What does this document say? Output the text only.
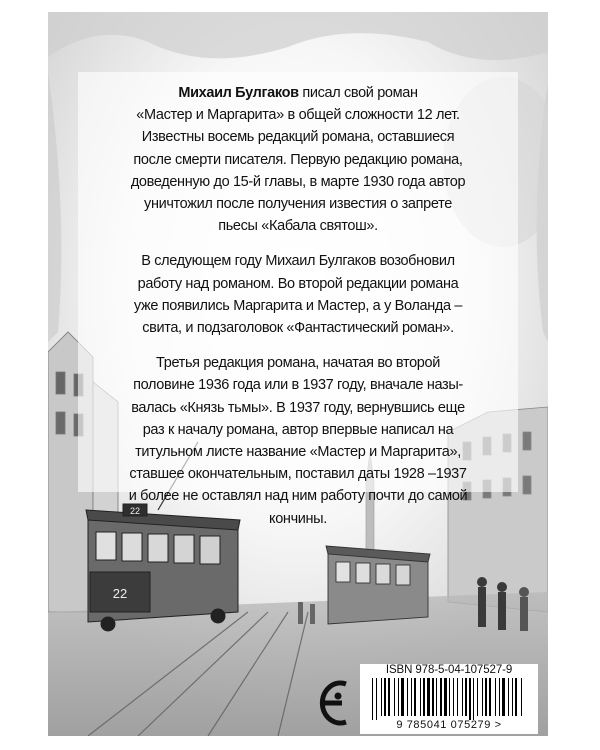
22
22

Михаил Булгаков писал свой роман
«Мастер и Маргарита» в общей сложности 12 лет.
Известны восемь редакций романа, оставшиеся
после смерти писателя. Первую редакцию романа,
доведенную до 15-й главы, в марте 1930 года автор
уничтожил после получения известия о запрете
пьесы «Кабала святош».

В следующем году Михаил Булгаков возобновил
работу над романом. Во второй редакции романа
уже появились Маргарита и Мастер, а у Воланда –
свита, и подзаголовок «Фантастический роман».

Третья редакция романа, начатая во второй
половине 1936 года или в 1937 году, вначале назы-
валась «Князь тьмы». В 1937 году, вернувшись еще
раз к началу романа, автор впервые написал на
титульном листе название «Мастер и Маргарита»,
ставшее окончательным, поставил даты 1928 –1937
и более не оставлял над ним работу почти до самой
кончины.

ISBN 978-5-04-107527-9
9 785041 075279 >
